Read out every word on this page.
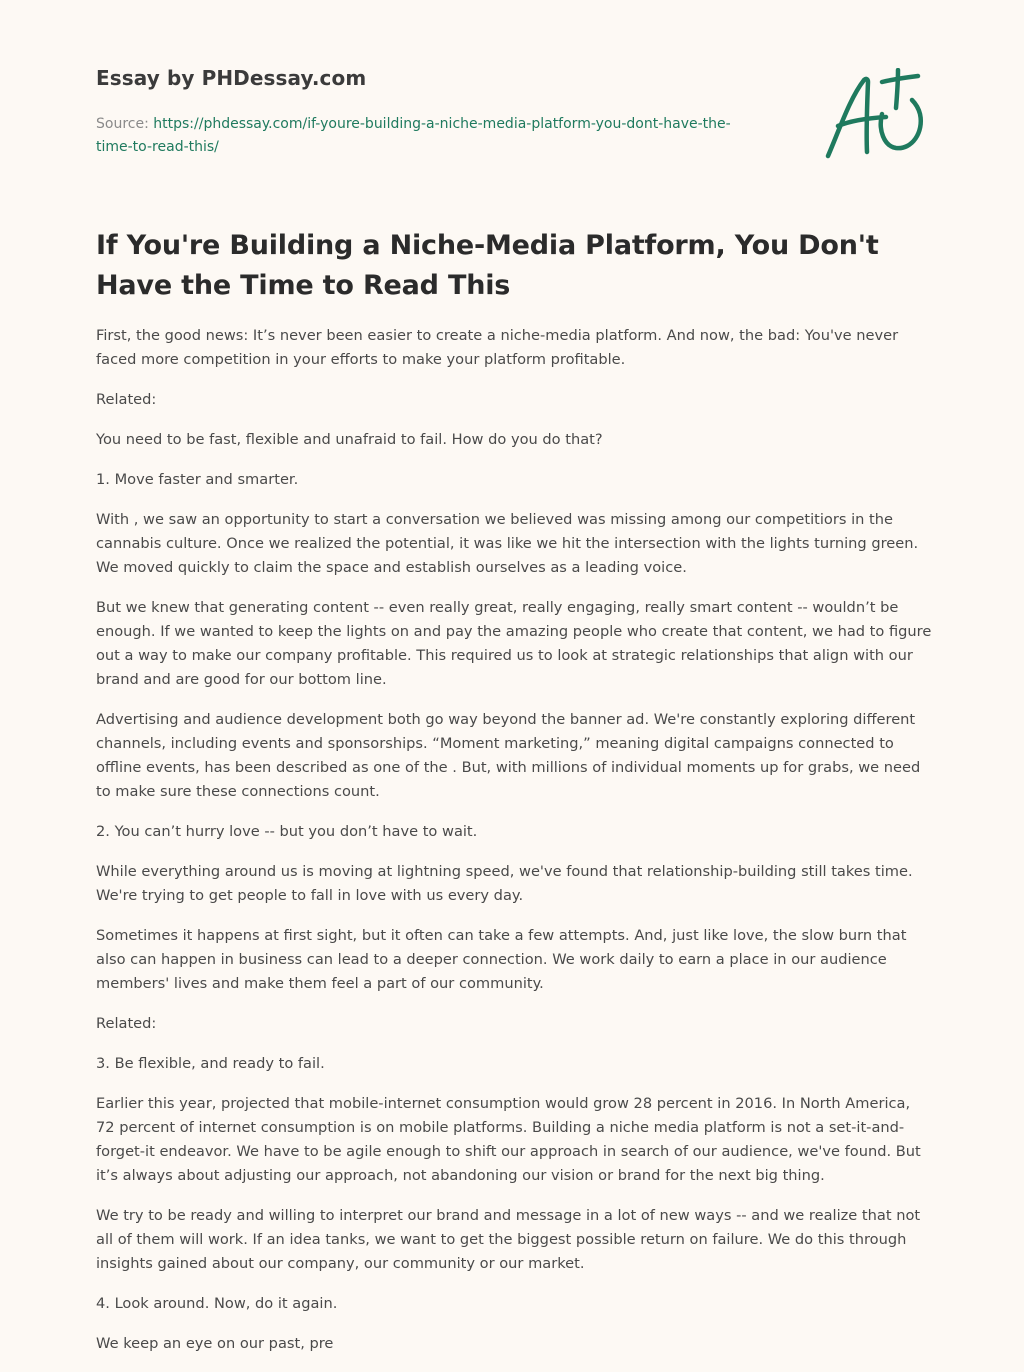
Essay by PHDessay.com
Source: https://phdessay.com/if-youre-building-a-niche-media-platform-you-dont-have-the-time-to-read-this/
If You're Building a Niche-Media Platform, You Don't Have the Time to Read This

First, the good news: It’s never been easier to create a niche-media platform. And now, the bad: You've never faced more competition in your efforts to make your platform profitable.

Related:

You need to be fast, flexible and unafraid to fail. How do you do that?

1. Move faster and smarter.

With , we saw an opportunity to start a conversation we believed was missing among our competitiors in the cannabis culture. Once we realized the potential, it was like we hit the intersection with the lights turning green. We moved quickly to claim the space and establish ourselves as a leading voice.

But we knew that generating content -- even really great, really engaging, really smart content -- wouldn’t be enough. If we wanted to keep the lights on and pay the amazing people who create that content, we had to figure out a way to make our company profitable. This required us to look at strategic relationships that align with our brand and are good for our bottom line.

Advertising and audience development both go way beyond the banner ad. We're constantly exploring different channels, including events and sponsorships. “Moment marketing,” meaning digital campaigns connected to offline events, has been described as one of the . But, with millions of individual moments up for grabs, we need to make sure these connections count.

2. You can’t hurry love -- but you don’t have to wait.

While everything around us is moving at lightning speed, we've found that relationship-building still takes time. We're trying to get people to fall in love with us every day.

Sometimes it happens at first sight, but it often can take a few attempts. And, just like love, the slow burn that also can happen in business can lead to a deeper connection. We work daily to earn a place in our audience members' lives and make them feel a part of our community.

Related:

3. Be flexible, and ready to fail.

Earlier this year, projected that mobile-internet consumption would grow 28 percent in 2016. In North America, 72 percent of internet consumption is on mobile platforms. Building a niche media platform is not a set-it-and-forget-it endeavor. We have to be agile enough to shift our approach in search of our audience, we've found. But it’s always about adjusting our approach, not abandoning our vision or brand for the next big thing.

We try to be ready and willing to interpret our brand and message in a lot of new ways -- and we realize that not all of them will work. If an idea tanks, we want to get the biggest possible return on failure. We do this through insights gained about our company, our community or our market.

4. Look around. Now, do it again.

We keep an eye on our past, pre
